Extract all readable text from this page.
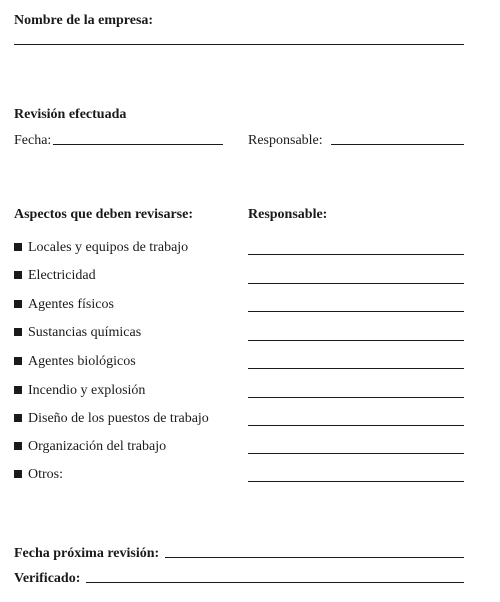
Nombre de la empresa:
Revisión efectuada
Fecha:	Responsable:
Aspectos que deben revisarse:	Responsable:
Locales y equipos de trabajo
Electricidad
Agentes físicos
Sustancias químicas
Agentes biológicos
Incendio y explosión
Diseño de los puestos de trabajo
Organización del trabajo
Otros:
Fecha próxima revisión:
Verificado:
